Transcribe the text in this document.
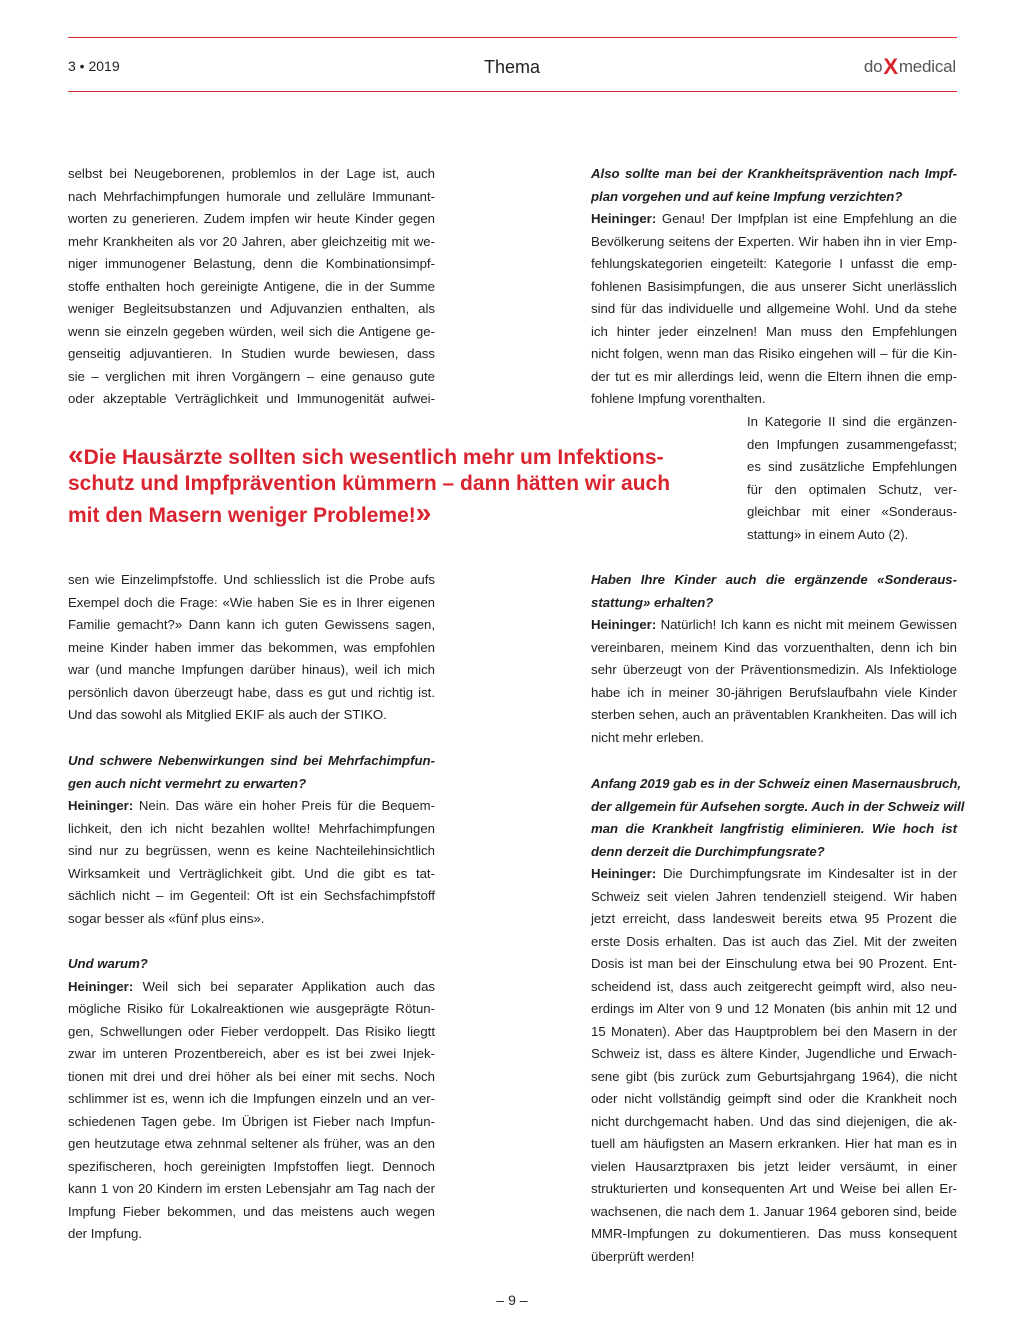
3 • 2019	Thema	doXmedical
selbst bei Neugeborenen, problemlos in der Lage ist, auch
nach Mehrfachimpfungen humorale und zelluläre Immunant-
worten zu generieren. Zudem impfen wir heute Kinder gegen
mehr Krankheiten als vor 20 Jahren, aber gleichzeitig mit we-
niger immunogener Belastung, denn die Kombinationsimpf-
stoffe enthalten hoch gereinigte Antigene, die in der Summe
weniger Begleitsubstanzen und Adjuvanzien enthalten, als
wenn sie einzeln gegeben würden, weil sich die Antigene ge-
genseitig adjuvantieren. In Studien wurde bewiesen, dass
sie – verglichen mit ihren Vorgängern – eine genauso gute
oder akzeptable Verträglichkeit und Immunogenität aufwei-
Also sollte man bei der Krankheitsprävention nach Impf-
plan vorgehen und auf keine Impfung verzichten?
Heininger: Genau! Der Impfplan ist eine Empfehlung an die
Bevölkerung seitens der Experten. Wir haben ihn in vier Emp-
fehlungskategorien eingeteilt: Kategorie I unfasst die emp-
fohlenen Basisimpfungen, die aus unserer Sicht unerlässlich
sind für das individuelle und allgemeine Wohl. Und da stehe
ich hinter jeder einzelnen! Man muss den Empfehlungen
nicht folgen, wenn man das Risiko eingehen will – für die Kin-
der tut es mir allerdings leid, wenn die Eltern ihnen die emp-
fohlene Impfung vorenthalten.
In Kategorie II sind die ergänzen-
den Impfungen zusammengefasst;
es sind zusätzliche Empfehlungen
für den optimalen Schutz, ver-
gleichbar mit einer «Sonderaus-
stattung» in einem Auto (2).
«Die Hausärzte sollten sich wesentlich mehr um Infektions-
schutz und Impfprävention kümmern – dann hätten wir auch
mit den Masern weniger Probleme!»
sen wie Einzelimpfstoffe. Und schliesslich ist die Probe aufs
Exempel doch die Frage: «Wie haben Sie es in Ihrer eigenen
Familie gemacht?» Dann kann ich guten Gewissens sagen,
meine Kinder haben immer das bekommen, was empfohlen
war (und manche Impfungen darüber hinaus), weil ich mich
persönlich davon überzeugt habe, dass es gut und richtig ist.
Und das sowohl als Mitglied EKIF als auch der STIKO.
Und schwere Nebenwirkungen sind bei Mehrfachimpfun-
gen auch nicht vermehrt zu erwarten?
Heininger: Nein. Das wäre ein hoher Preis für die Bequem-
lichkeit, den ich nicht bezahlen wollte! Mehrfachimpfungen
sind nur zu begrüssen, wenn es keine Nachteilehinsichtlich
Wirksamkeit und Verträglichkeit gibt. Und die gibt es tat-
sächlich nicht – im Gegenteil: Oft ist ein Sechsfachimpfstoff
sogar besser als «fünf plus eins».
Und warum?
Heininger: Weil sich bei separater Applikation auch das
mögliche Risiko für Lokalreaktionen wie ausgeprägte Rötun-
gen, Schwellungen oder Fieber verdoppelt. Das Risiko liegtt
zwar im unteren Prozentbereich, aber es ist bei zwei Injek-
tionen mit drei und drei höher als bei einer mit sechs. Noch
schlimmer ist es, wenn ich die Impfungen einzeln und an ver-
schiedenen Tagen gebe. Im Übrigen ist Fieber nach Impfun-
gen heutzutage etwa zehnmal seltener als früher, was an den
spezifischeren, hoch gereinigten Impfstoffen liegt. Dennoch
kann 1 von 20 Kindern im ersten Lebensjahr am Tag nach der
Impfung Fieber bekommen, und das meistens auch wegen
der Impfung.
Haben Ihre Kinder auch die ergänzende «Sonderaus-
stattung» erhalten?
Heininger: Natürlich! Ich kann es nicht mit meinem Gewissen
vereinbaren, meinem Kind das vorzuenthalten, denn ich bin
sehr überzeugt von der Präventionsmedizin. Als Infektiologe
habe ich in meiner 30-jährigen Berufslaufbahn viele Kinder
sterben sehen, auch an präventablen Krankheiten. Das will ich
nicht mehr erleben.
Anfang 2019 gab es in der Schweiz einen Masernausbruch,
der allgemein für Aufsehen sorgte. Auch in der Schweiz will
man die Krankheit langfristig eliminieren. Wie hoch ist
denn derzeit die Durchimpfungsrate?
Heininger: Die Durchimpfungsrate im Kindesalter ist in der
Schweiz seit vielen Jahren tendenziell steigend. Wir haben
jetzt erreicht, dass landesweit bereits etwa 95 Prozent die
erste Dosis erhalten. Das ist auch das Ziel. Mit der zweiten
Dosis ist man bei der Einschulung etwa bei 90 Prozent. Ent-
scheidend ist, dass auch zeitgerecht geimpft wird, also neu-
erdings im Alter von 9 und 12 Monaten (bis anhin mit 12 und
15 Monaten). Aber das Hauptproblem bei den Masern in der
Schweiz ist, dass es ältere Kinder, Jugendliche und Erwach-
sene gibt (bis zurück zum Geburtsjahrgang 1964), die nicht
oder nicht vollständig geimpft sind oder die Krankheit noch
nicht durchgemacht haben. Und das sind diejenigen, die ak-
tuell am häufigsten an Masern erkranken. Hier hat man es in
vielen Hausarztpraxen bis jetzt leider versäumt, in einer
strukturierten und konsequenten Art und Weise bei allen Er-
wachsenen, die nach dem 1. Januar 1964 geboren sind, beide
MMR-Impfungen zu dokumentieren. Das muss konsequent
überprüft werden!
– 9 –
